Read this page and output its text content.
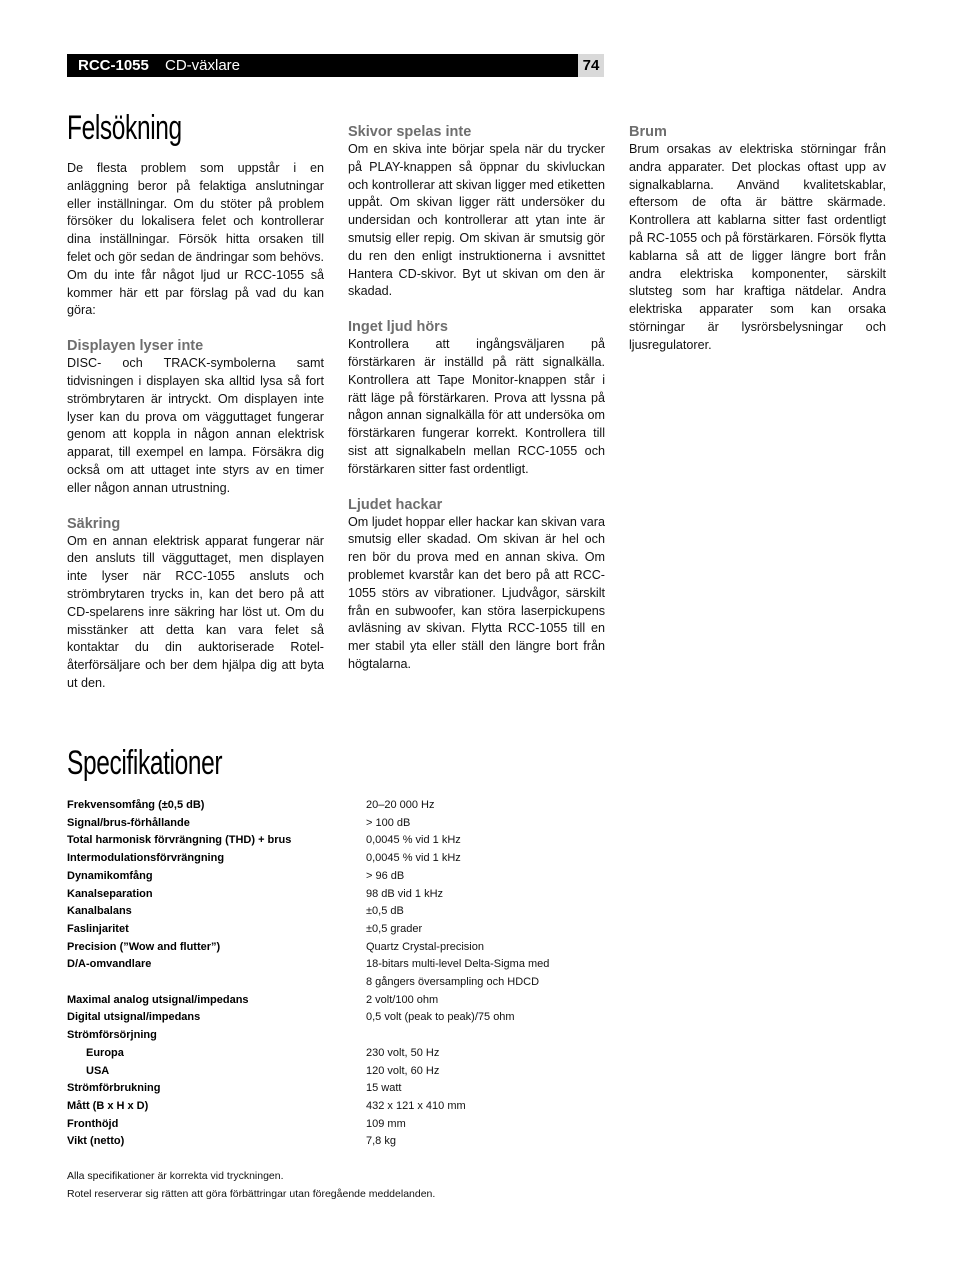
RCC-1055 CD-växlare	74
Felsökning

De flesta problem som uppstår i en anläggning beror på felaktiga anslutningar eller inställningar. Om du stöter på problem försöker du lokalisera felet och kontrollerar dina inställningar. Försök hitta orsaken till felet och gör sedan de ändringar som behövs. Om du inte får något ljud ur RCC-1055 så kommer här ett par förslag på vad du kan göra:

Displayen lyser inte

DISC- och TRACK-symbolerna samt tidvisningen i displayen ska alltid lysa så fort strömbrytaren är intryckt. Om displayen inte lyser kan du prova om vägguttaget fungerar genom att koppla in någon annan elektrisk apparat, till exempel en lampa. Försäkra dig också om att uttaget inte styrs av en timer eller någon annan utrustning.

Säkring

Om en annan elektrisk apparat fungerar när den ansluts till vägguttaget, men displayen inte lyser när RCC-1055 ansluts och strömbrytaren trycks in, kan det bero på att CD-spelarens inre säkring har löst ut. Om du misstänker att detta kan vara felet så kontaktar du din auktoriserade Rotel-återförsäljare och ber dem hjälpa dig att byta ut den.

Skivor spelas inte

Om en skiva inte börjar spela när du trycker på PLAY-knappen så öppnar du skivluckan och kontrollerar att skivan ligger med etiketten uppåt. Om skivan ligger rätt undersöker du undersidan och kontrollerar att ytan inte är smutsig eller repig. Om skivan är smutsig gör du ren den enligt instruktionerna i avsnittet Hantera CD-skivor. Byt ut skivan om den är skadad.

Inget ljud hörs

Kontrollera att ingångsväljaren på förstärkaren är inställd på rätt signalkälla. Kontrollera att Tape Monitor-knappen står i rätt läge på förstärkaren. Prova att lyssna på någon annan signalkälla för att undersöka om förstärkaren fungerar korrekt. Kontrollera till sist att signalkabeln mellan RCC-1055 och förstärkaren sitter fast ordentligt.

Ljudet hackar

Om ljudet hoppar eller hackar kan skivan vara smutsig eller skadad. Om skivan är hel och ren bör du prova med en annan skiva. Om problemet kvarstår kan det bero på att RCC-1055 störs av vibrationer. Ljudvågor, särskilt från en subwoofer, kan störa laserpickupens avläsning av skivan. Flytta RCC-1055 till en mer stabil yta eller ställ den längre bort från högtalarna.

Brum

Brum orsakas av elektriska störningar från andra apparater. Det plockas oftast upp av signalkablarna. Använd kvalitetskablar, eftersom de ofta är bättre skärmade. Kontrollera att kablarna sitter fast ordentligt på RC-1055 och på förstärkaren. Försök flytta kablarna så att de ligger längre bort från andra elektriska komponenter, särskilt slutsteg som har kraftiga nätdelar. Andra elektriska apparater som kan orsaka störningar är lysrörsbelysningar och ljusregulatorer.

Specifikationer
Frekvensomfång (±0,5 dB)	20–20 000 Hz
Signal/brus-förhållande	> 100 dB
Total harmonisk förvrängning (THD) + brus	0,0045 % vid 1 kHz
Intermodulationsförvrängning	0,0045 % vid 1 kHz
Dynamikomfång	> 96 dB
Kanalseparation	98 dB vid 1 kHz
Kanalbalans	±0,5 dB
Faslinjaritet	±0,5 grader
Precision (”Wow and flutter”)	Quartz Crystal-precision
D/A-omvandlare	18-bitars multi-level Delta-Sigma med
	8 gångers översampling och HDCD
Maximal analog utsignal/impedans	2 volt/100 ohm
Digital utsignal/impedans	0,5 volt (peak to peak)/75 ohm
Strömförsörjning	
Europa	230 volt, 50 Hz
USA	120 volt, 60 Hz
Strömförbrukning	15 watt
Mått (B x H x D)	432 x 121 x 410 mm
Fronthöjd	109 mm
Vikt (netto)	7,8 kg

Alla specifikationer är korrekta vid tryckningen.

Rotel reserverar sig rätten att göra förbättringar utan föregående meddelanden.
